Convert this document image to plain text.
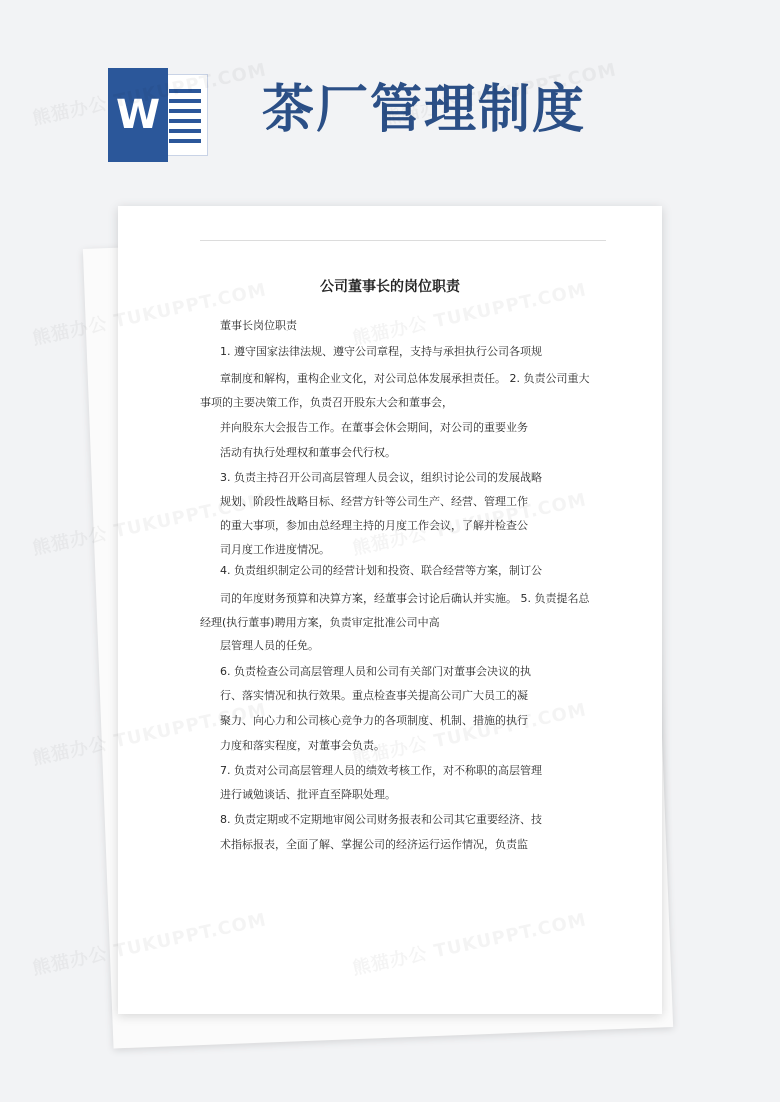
W 茶厂管理制度
公司董事长的岗位职责
董事长岗位职责
1. 遵守国家法律法规、遵守公司章程，支持与承担执行公司各项规
章制度和解构，重构企业文化，对公司总体发展承担责任。 2. 负责公司重大
事项的主要决策工作，负责召开股东大会和董事会，
并向股东大会报告工作。在董事会休会期间，对公司的重要业务
活动有执行处理权和董事会代行权。
3. 负责主持召开公司高层管理人员会议，组织讨论公司的发展战略
规划、阶段性战略目标、经营方针等公司生产、经营、管理工作
的重大事项，参加由总经理主持的月度工作会议，了解并检查公
司月度工作进度情况。
4. 负责组织制定公司的经营计划和投资、联合经营等方案，制订公
司的年度财务预算和决算方案，经董事会讨论后确认并实施。 5. 负责提名总
经理(执行董事)聘用方案，负责审定批准公司中高
层管理人员的任免。
6. 负责检查公司高层管理人员和公司有关部门对董事会决议的执
行、落实情况和执行效果。重点检查事关提高公司广大员工的凝
聚力、向心力和公司核心竞争力的各项制度、机制、措施的执行
力度和落实程度，对董事会负责。
7. 负责对公司高层管理人员的绩效考核工作，对不称职的高层管理
进行诫勉谈话、批评直至降职处理。
8. 负责定期或不定期地审阅公司财务报表和公司其它重要经济、技
术指标报表，全面了解、掌握公司的经济运行运作情况，负责监
